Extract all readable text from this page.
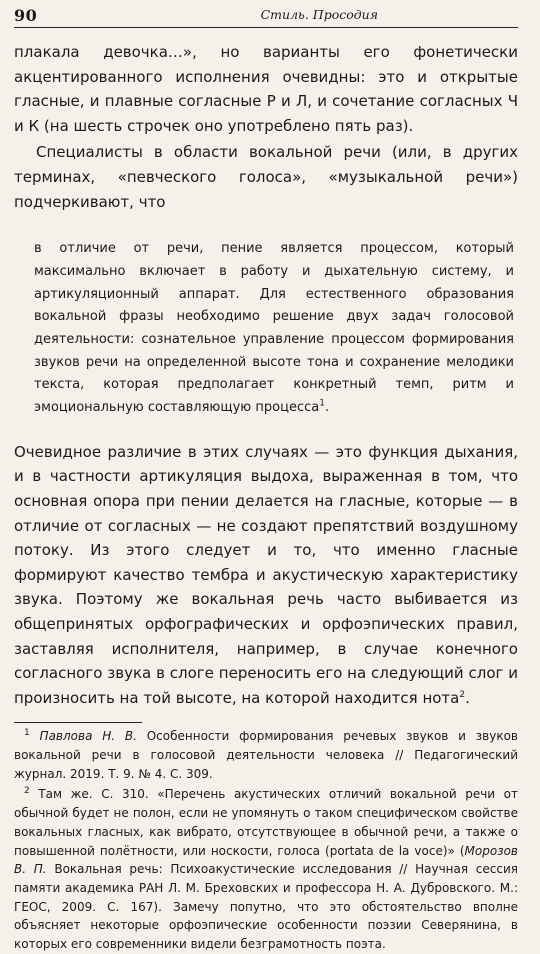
90	Стиль. Просодия

плакала девочка…», но варианты его фонетически акцентированного исполнения очевидны: это и открытые гласные, и плавные согласные Р и Л, и сочетание согласных Ч и К (на шесть строчек оно употреблено пять раз).

Специалисты в области вокальной речи (или, в других терминах, «певческого голоса», «музыкальной речи») подчеркивают, что

в отличие от речи, пение является процессом, который максимально включает в работу и дыхательную систему, и артикуляционный аппарат. Для естественного образования вокальной фразы необходимо решение двух задач голосовой деятельности: сознательное управление процессом формирования звуков речи на определенной высоте тона и сохранение мелодики текста, которая предполагает конкретный темп, ритм и эмоциональную составляющую процесса$^1$.

Очевидное различие в этих случаях — это функция дыхания, и в частности артикуляция выдоха, выраженная в том, что основная опора при пении делается на гласные, которые — в отличие от согласных — не создают препятствий воздушному потоку. Из этого следует и то, что именно гласные формируют качество тембра и акустическую характеристику звука. Поэтому же вокальная речь часто выбивается из общепринятых орфографических и орфоэпических правил, заставляя исполнителя, например, в случае конечного согласного звука в слоге переносить его на следующий слог и произносить на той высоте, на которой находится нота$^2$.

$^1$ Павлова Н. В. Особенности формирования речевых звуков и звуков вокальной речи в голосовой деятельности человека // Педагогический журнал. 2019. Т. 9. № 4. С. 309.

$^2$ Там же. С. 310. «Перечень акустических отличий вокальной речи от обычной будет не полон, если не упомянуть о таком специфическом свойстве вокальных гласных, как вибрато, отсутствующее в обычной речи, а также о повышенной полётности, или носкости, голоса (portata de la voce)» (Морозов В. П. Вокальная речь: Психоакустические исследования // Научная сессия памяти академика РАН Л. М. Бреховских и профессора Н. А. Дубровского. М.: ГЕОС, 2009. С. 167). Замечу попутно, что это обстоятельство вполне объясняет некоторые орфоэпические особенности поэзии Северянина, в которых его современники видели безграмотность поэта.
